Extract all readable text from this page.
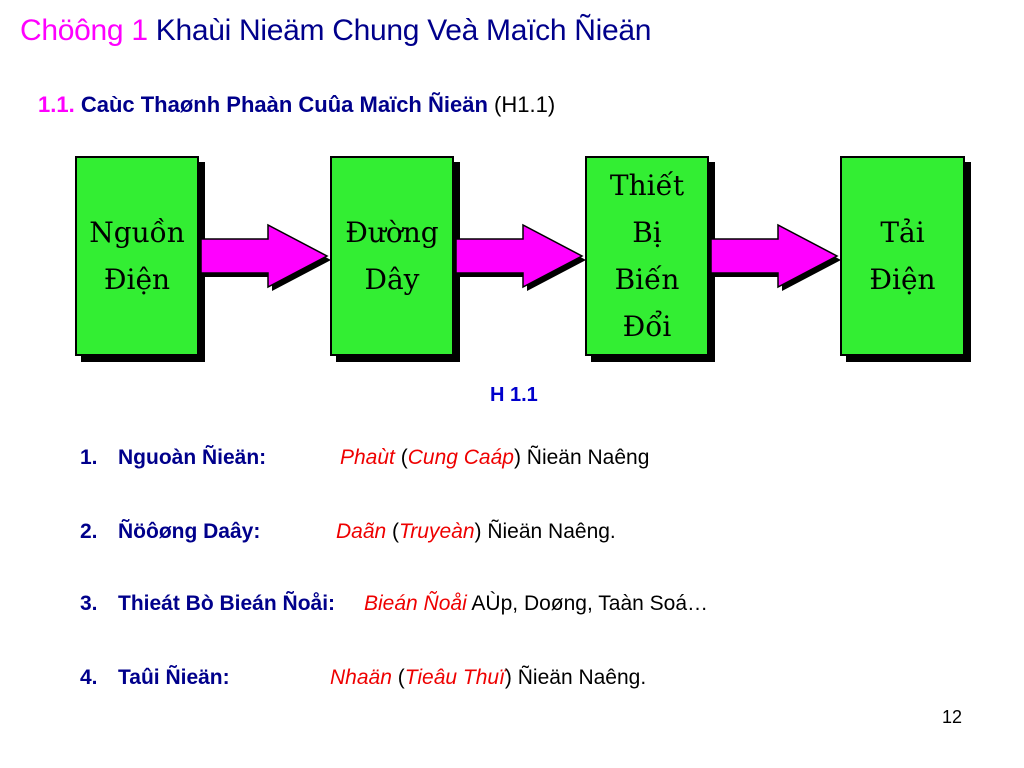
Chöông 1 Khaùi Nieäm Chung Veà Maïch Ñieän
1.1. Caùc Thaønh Phaàn Cuûa Maïch Ñieän (H1.1)
Nguồn
Điện
Đường
Dây
Thiết
Bị
Biến
Đổi
Tải
Điện
H 1.1
1. Nguoàn Ñieän:	Phaùt (Cung Caáp) Ñieän Naêng
2. Ñöôøng Daây:	Daãn (Truyeàn) Ñieän Naêng.
3. Thieát Bò Bieán Ñoåi: Bieán Ñoåi AÙp, Doøng, Taàn Soá…
4. Taûi Ñieän:	Nhaän (Tieâu Thuï) Ñieän Naêng.
12
